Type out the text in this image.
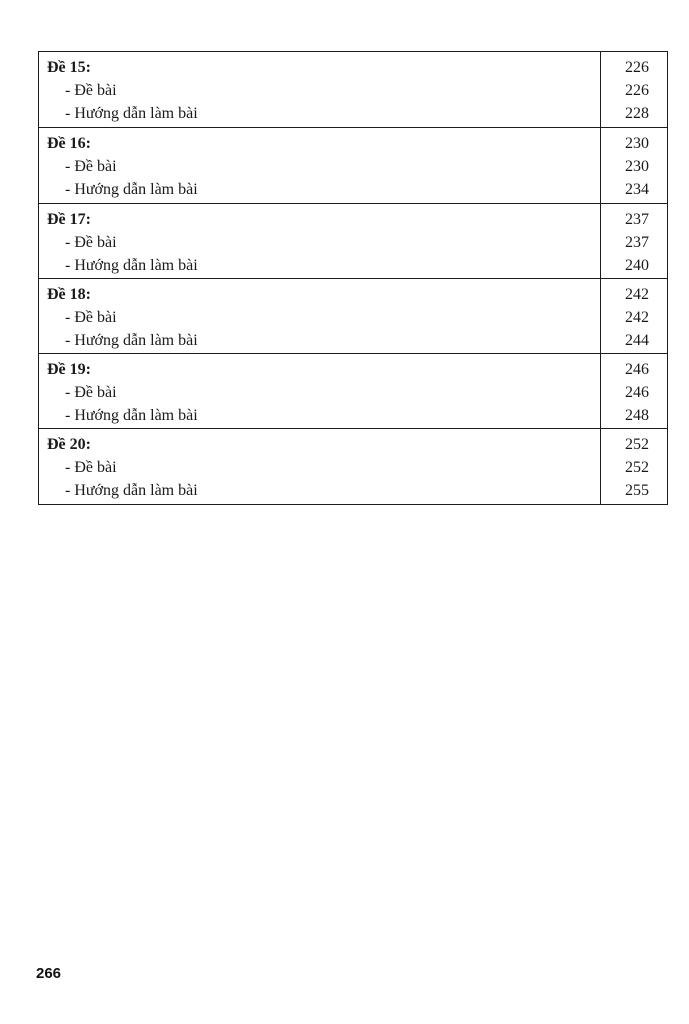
Đề 15:
- Đề bài
- Hướng dẫn làm bài
226
226
228
Đề 16:
- Đề bài
- Hướng dẫn làm bài
230
230
234
Đề 17:
- Đề bài
- Hướng dẫn làm bài
237
237
240
Đề 18:
- Đề bài
- Hướng dẫn làm bài
242
242
244
Đề 19:
- Đề bài
- Hướng dẫn làm bài
246
246
248
Đề 20:
- Đề bài
- Hướng dẫn làm bài
252
252
255
266
